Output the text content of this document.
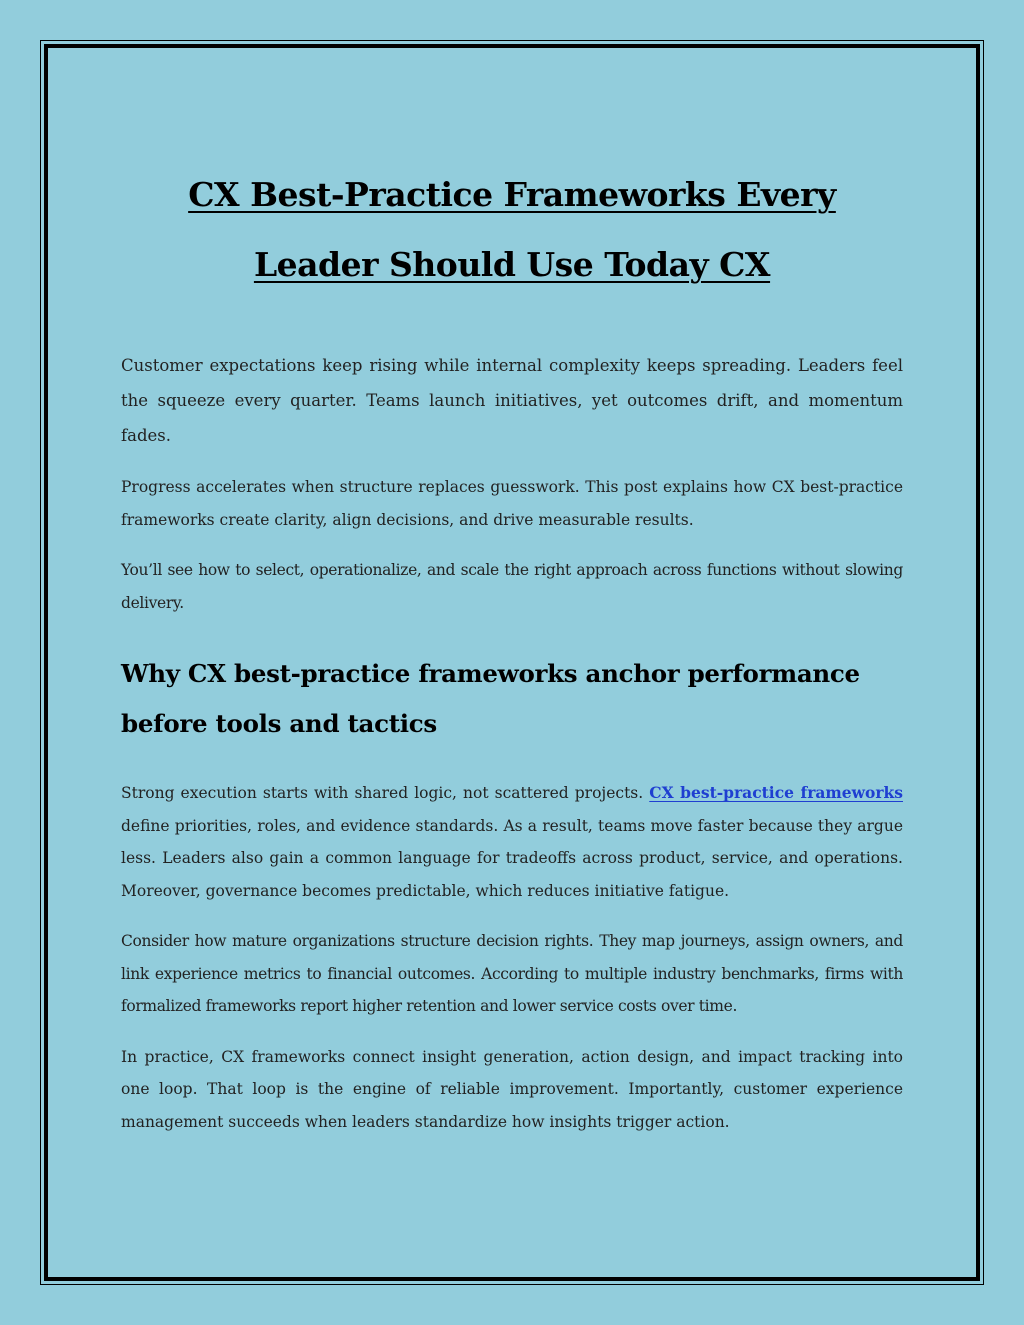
CX Best-Practice Frameworks Every
Leader Should Use Today CX

Customer expectations keep rising while internal complexity keeps spreading. Leaders feel the squeeze every quarter. Teams launch initiatives, yet outcomes drift, and momentum fades.

Progress accelerates when structure replaces guesswork. This post explains how CX best-practice frameworks create clarity, align decisions, and drive measurable results.

You’ll see how to select, operationalize, and scale the right approach across functions without slowing delivery.

Why CX best-practice frameworks anchor performance before tools and tactics

Strong execution starts with shared logic, not scattered projects. CX best-practice frameworks define priorities, roles, and evidence standards. As a result, teams move faster because they argue less. Leaders also gain a common language for tradeoffs across product, service, and operations. Moreover, governance becomes predictable, which reduces initiative fatigue.

Consider how mature organizations structure decision rights. They map journeys, assign owners, and link experience metrics to financial outcomes. According to multiple industry benchmarks, firms with formalized frameworks report higher retention and lower service costs over time.

In practice, CX frameworks connect insight generation, action design, and impact tracking into one loop. That loop is the engine of reliable improvement. Importantly, customer experience management succeeds when leaders standardize how insights trigger action.
